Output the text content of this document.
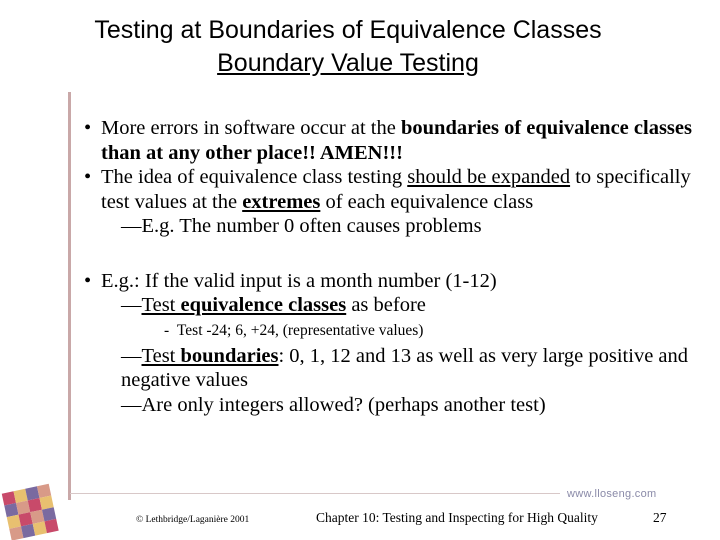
Testing at Boundaries of Equivalence Classes

Boundary Value Testing
• More errors in software occur at the boundaries of equivalence classes than at any other place!! AMEN!!!
• The idea of equivalence class testing should be expanded to specifically test values at the extremes of each equivalence class
—E.g. The number 0 often causes problems
• E.g.: If the valid input is a month number (1-12)
—Test equivalence classes as before
- Test -24; 6, +24, (representative values)
—Test boundaries: 0, 1, 12 and 13 as well as very large positive and negative values
—Are only integers allowed? (perhaps another test)
www.lloseng.com
© Lethbridge/Laganière 2001	Chapter 10: Testing and Inspecting for High Quality	27
